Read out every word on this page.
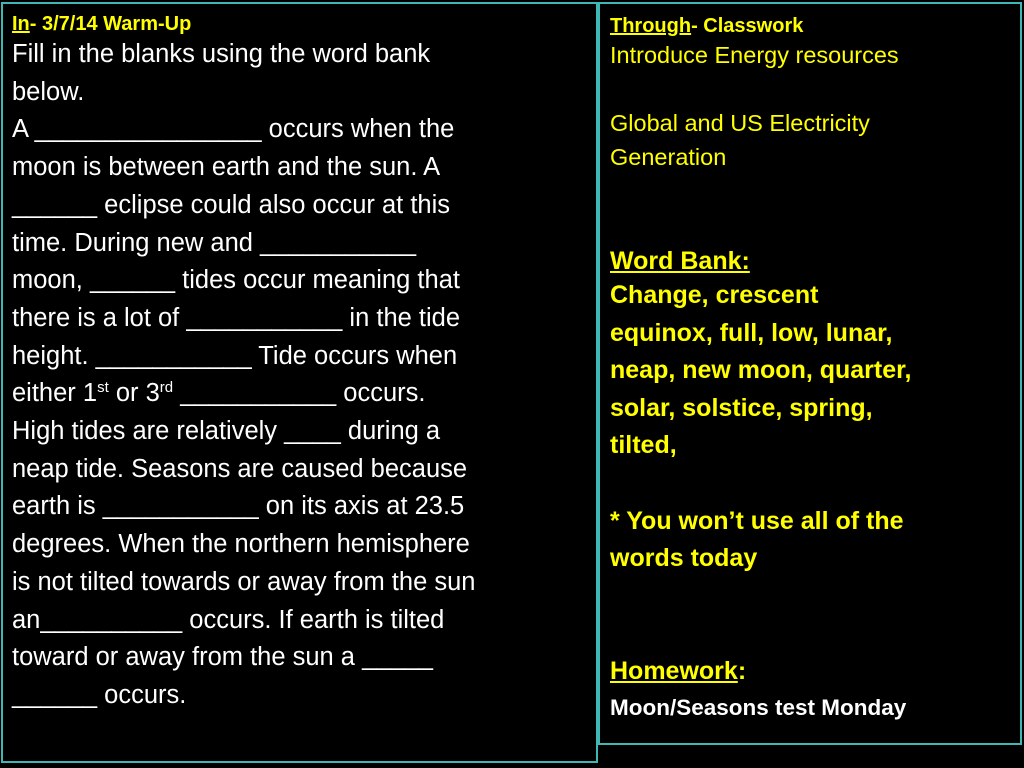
In- 3/7/14 Warm-Up
Fill in the blanks using the word bank
below.
A ________________ occurs when the
moon is between earth and the sun. A
______ eclipse could also occur at this
time. During new and ___________
moon, ______ tides occur meaning that
there is a lot of ___________ in the tide
height. ___________ Tide occurs when
either 1st or 3rd ___________ occurs.
High tides are relatively ____ during a
neap tide. Seasons are caused because
earth is ___________ on its axis at 23.5
degrees. When the northern hemisphere
is not tilted towards or away from the sun
an__________ occurs. If earth is tilted
toward or away from the sun a _____
______ occurs.
Through- Classwork
Introduce Energy resources
Global and US Electricity
Generation
Word Bank:
Change, crescent
equinox, full, low, lunar,
neap, new moon, quarter,
solar, solstice, spring,
tilted,
* You won’t use all of the
words today
Homework:
Moon/Seasons test Monday
